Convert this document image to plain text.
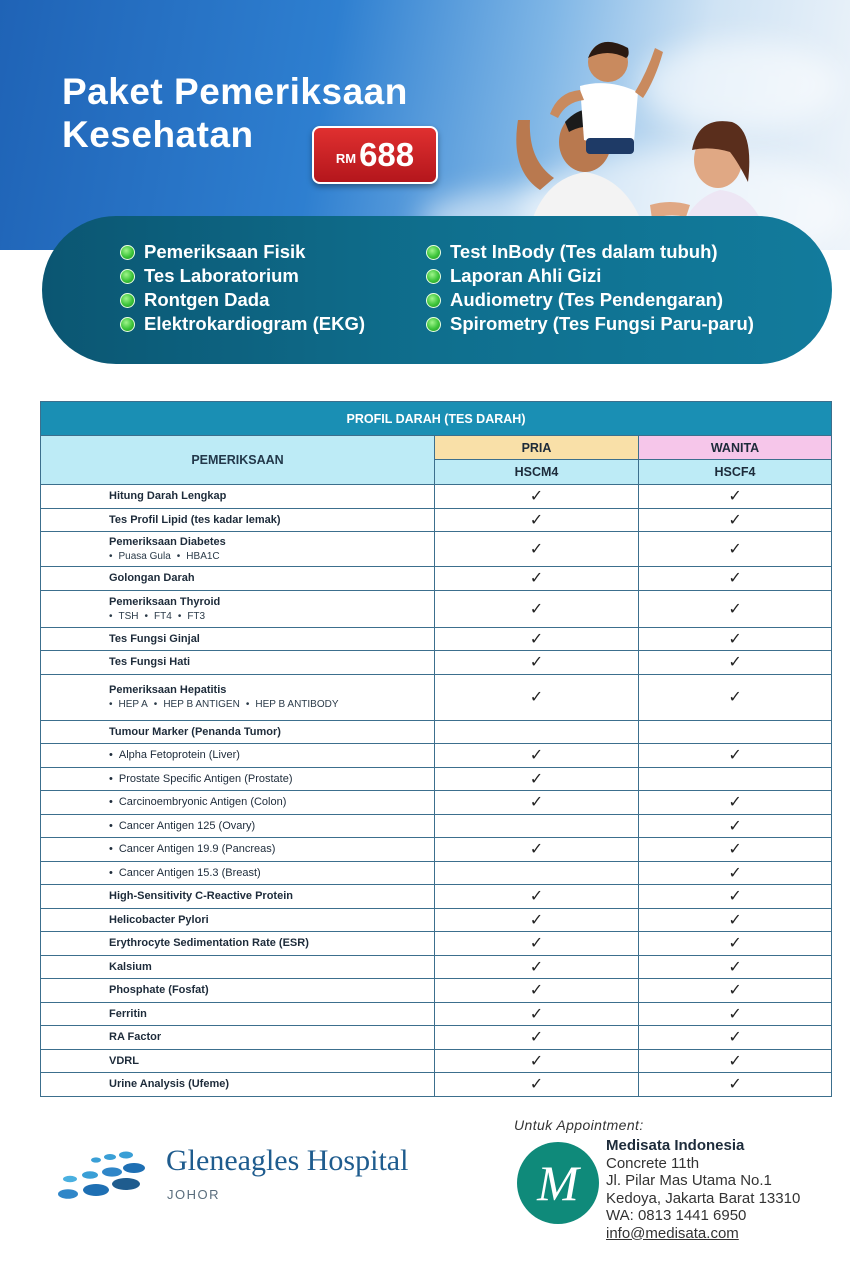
Paket Pemeriksaan
Kesehatan
RM 688
Pemeriksaan Fisik
Tes Laboratorium
Rontgen Dada
Elektrokardiogram (EKG)
Test InBody (Tes dalam tubuh)
Laporan Ahli Gizi
Audiometry (Tes Pendengaran)
Spirometry (Tes Fungsi Paru-paru)
PROFIL DARAH (TES DARAH)		
PEMERIKSAAN	PRIA	WANITA
	HSCM4	HSCF4

Hitung Darah Lengkap	✓	✓

Tes Profil Lipid (tes kadar lemak)	✓	✓

Pemeriksaan Diabetes
• Puasa Gula • HBA1C	✓	✓

Golongan Darah	✓	✓

Pemeriksaan Thyroid
• TSH • FT4 • FT3	✓	✓

Tes Fungsi Ginjal	✓	✓

Tes Fungsi Hati	✓	✓

Pemeriksaan Hepatitis
• HEP A • HEP B ANTIGEN • HEP B ANTIBODY	✓	✓

Tumour Marker (Penanda Tumor)		

• Alpha Fetoprotein (Liver)	✓	✓

• Prostate Specific Antigen (Prostate)	✓	

• Carcinoembryonic Antigen (Colon)	✓	✓

• Cancer Antigen 125 (Ovary)		✓

• Cancer Antigen 19.9 (Pancreas)	✓	✓

• Cancer Antigen 15.3 (Breast)		✓

High-Sensitivity C-Reactive Protein	✓	✓

Helicobacter Pylori	✓	✓

Erythrocyte Sedimentation Rate (ESR)	✓	✓

Kalsium	✓	✓

Phosphate (Fosfat)	✓	✓

Ferritin	✓	✓

RA Factor	✓	✓

VDRL	✓	✓

Urine Analysis (Ufeme)	✓	✓
Gleneagles Hospital
JOHOR
Untuk Appointment:
M
Medisata Indonesia
Concrete 11th
Jl. Pilar Mas Utama No.1
Kedoya, Jakarta Barat 13310
WA: 0813 1441 6950
info@medisata.com
